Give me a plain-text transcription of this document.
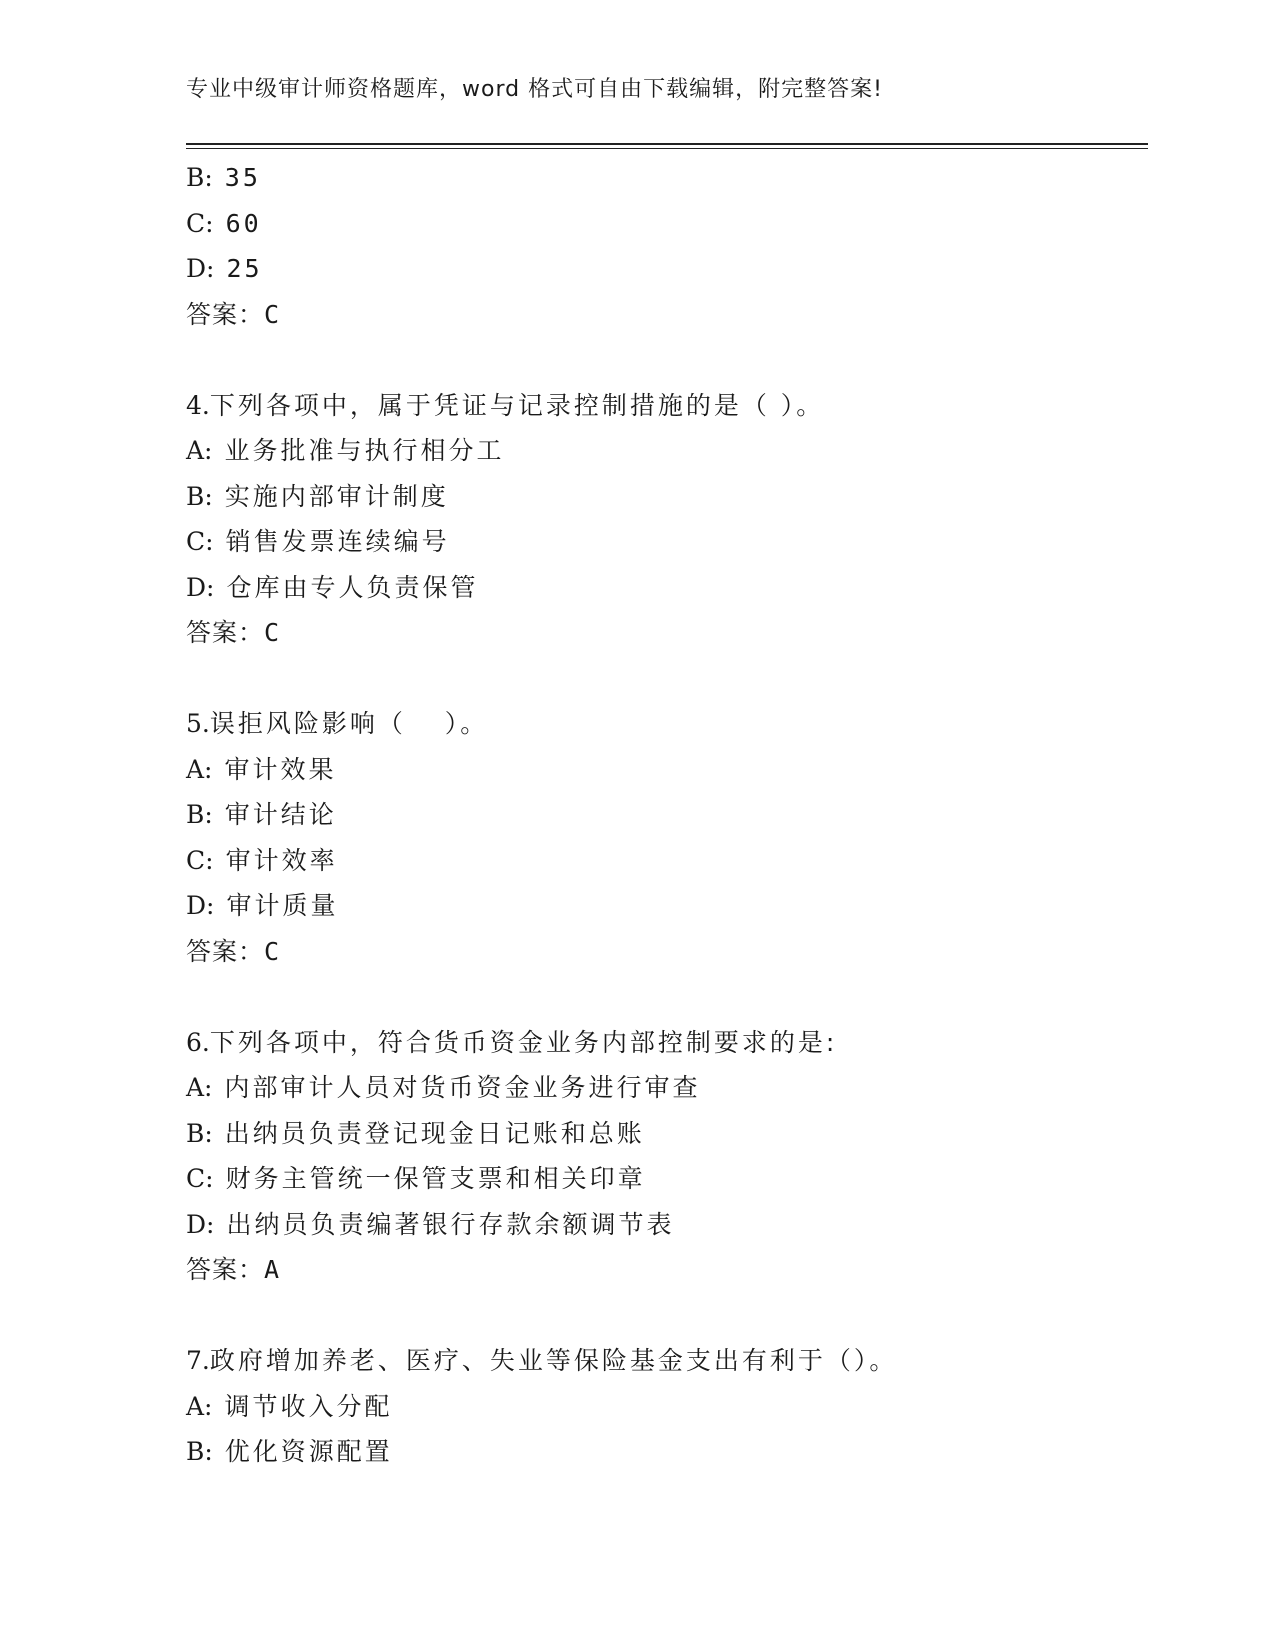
专业中级审计师资格题库，word 格式可自由下载编辑，附完整答案!
B: 35
C: 60
D: 25
答案：C
4.下列各项中，属于凭证与记录控制措施的是（ ）。
A: 业务批准与执行相分工
B: 实施内部审计制度
C: 销售发票连续编号
D: 仓库由专人负责保管
答案：C
5.误拒风险影响（　 ）。
A: 审计效果
B: 审计结论
C: 审计效率
D: 审计质量
答案：C
6.下列各项中，符合货币资金业务内部控制要求的是:
A: 内部审计人员对货币资金业务进行审查
B: 出纳员负责登记现金日记账和总账
C: 财务主管统一保管支票和相关印章
D: 出纳员负责编著银行存款余额调节表
答案：A
7.政府增加养老、医疗、失业等保险基金支出有利于（）。
A: 调节收入分配
B: 优化资源配置
